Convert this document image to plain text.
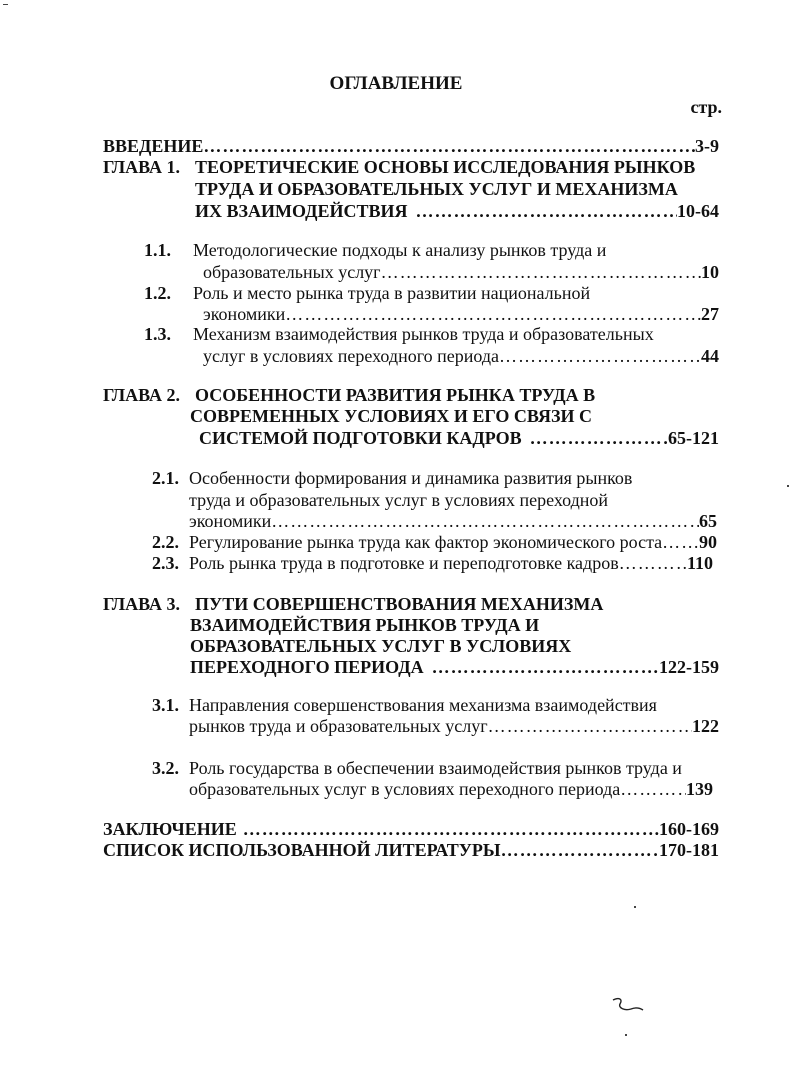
ОГЛАВЛЕНИЕ
стр.
ВВЕДЕНИЕ …………………………………………………………………………………………………………………………………………………………………………………………………………	3-9
ГЛАВА 1. ТЕОРЕТИЧЕСКИЕ ОСНОВЫ ИССЛЕДОВАНИЯ РЫНКОВ
ТРУДА И ОБРАЗОВАТЕЛЬНЫХ УСЛУГ И МЕХАНИЗМА
ИХ ВЗАИМОДЕЙСТВИЯ …………………………………………………………………………………………………………………………………………………………………………………………………………	10-64
1.1. Методологические подходы к анализу рынков труда и
образовательных услуг …………………………………………………………………………………………………………………………………………………………………………………………………………	10
1.2. Роль и место рынка труда в развитии национальной
экономики …………………………………………………………………………………………………………………………………………………………………………………………………………	27
1.3. Механизм взаимодействия рынков труда и образовательных
услуг в условиях переходного периода …………………………………………………………………………………………………………………………………………………………………………………………………………	44
ГЛАВА 2. ОСОБЕННОСТИ РАЗВИТИЯ РЫНКА ТРУДА В
СОВРЕМЕННЫХ УСЛОВИЯХ И ЕГО СВЯЗИ С
СИСТЕМОЙ ПОДГОТОВКИ КАДРОВ …………………………………………………………………………………………………………………………………………………………………………………………………………	65-121
2.1. Особенности формирования и динамика развития рынков
труда и образовательных услуг в условиях переходной
экономики …………………………………………………………………………………………………………………………………………………………………………………………………………	65
2.2. Регулирование рынка труда как фактор экономического роста ………………………………………………………………………………………………………………………………………………………………………………………………………… 90
2.3. Роль рынка труда в подготовке и переподготовке кадров …………………………………………………………………………………………………………………………………………………………………………………………………………	110
ГЛАВА 3. ПУТИ СОВЕРШЕНСТВОВАНИЯ МЕХАНИЗМА
ВЗАИМОДЕЙСТВИЯ РЫНКОВ ТРУДА И
ОБРАЗОВАТЕЛЬНЫХ УСЛУГ В УСЛОВИЯХ
ПЕРЕХОДНОГО ПЕРИОДА …………………………………………………………………………………………………………………………………………………………………………………………………………	122-159
3.1. Направления совершенствования механизма взаимодействия
рынков труда и образовательных услуг …………………………………………………………………………………………………………………………………………………………………………………………………………	122
3.2. Роль государства в обеспечении взаимодействия рынков труда и
образовательных услуг в условиях переходного периода …………………………………………………………………………………………………………………………………………………………………………………………………………	139
ЗАКЛЮЧЕНИЕ …………………………………………………………………………………………………………………………………………………………………………………………………………	160-169
СПИСОК ИСПОЛЬЗОВАННОЙ ЛИТЕРАТУРЫ …………………………………………………………………………………………………………………………………………………………………………………………………………	170-181
